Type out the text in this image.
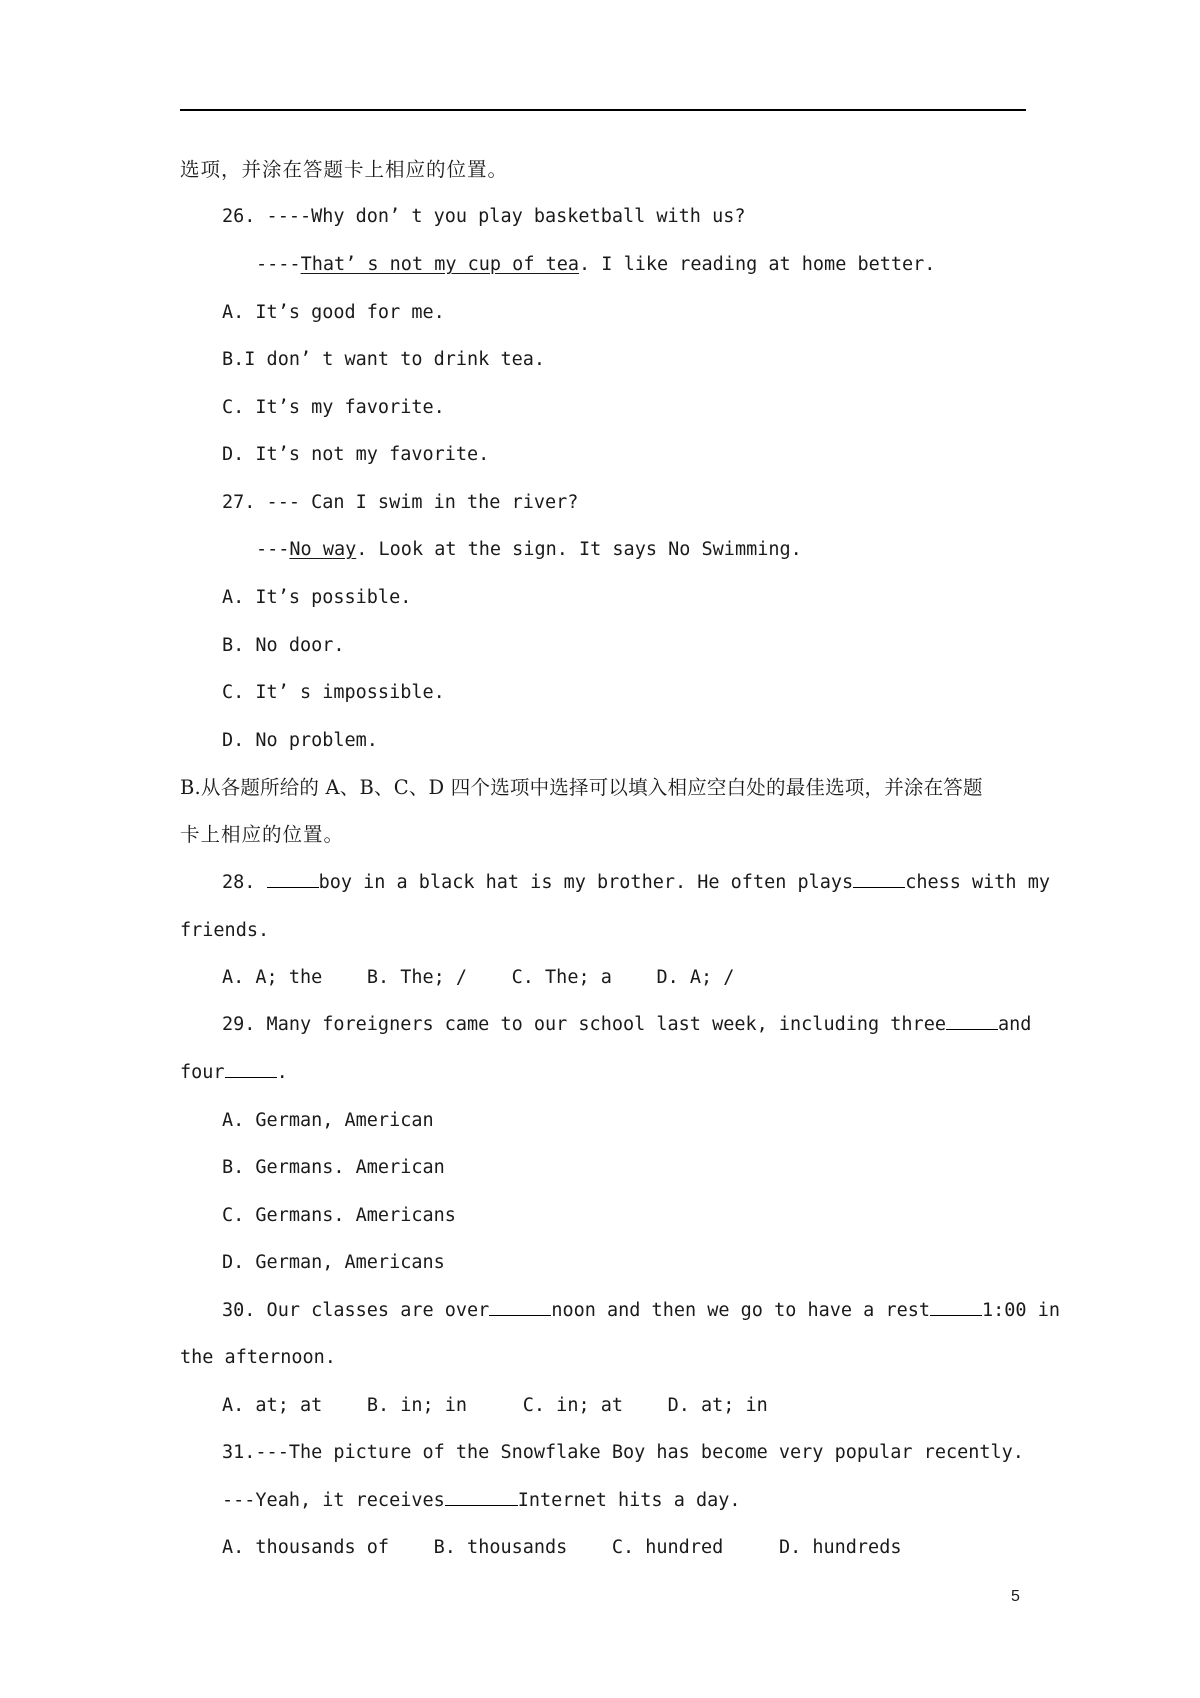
选项，并涂在答题卡上相应的位置。
26. ----Why don’ t you play basketball with us?
----That’ s not my cup of tea. I like reading at home better.
A. It’s good for me.
B.I don’ t want to drink tea.
C. It’s my favorite.
D. It’s not my favorite.
27. --- Can I swim in the river?
---No way. Look at the sign. It says No Swimming.
A. It’s possible.
B. No door.
C. It’ s impossible.
D. No problem.
B.从各题所给的 A、B、C、D 四个选项中选择可以填入相应空白处的最佳选项，并涂在答题
卡上相应的位置。
28.	boy in a black hat is my brother. He often plays	chess with my
friends.
A. A; the B. The; / C. The; a D. A; /
29. Many foreigners came to our school last week, including three	and
four	.
A. German, American
B. Germans. American
C. Germans. Americans
D. German, Americans
30. Our classes are over	noon and then we go to have a rest	1:00 in
the afternoon.
A. at; at B. in; in	C. in; at D. at; in
31.---The picture of the Snowflake Boy has become very popular recently.
---Yeah, it receives	Internet hits a day.
A. thousands of B. thousands C. hundred	D. hundreds
5
